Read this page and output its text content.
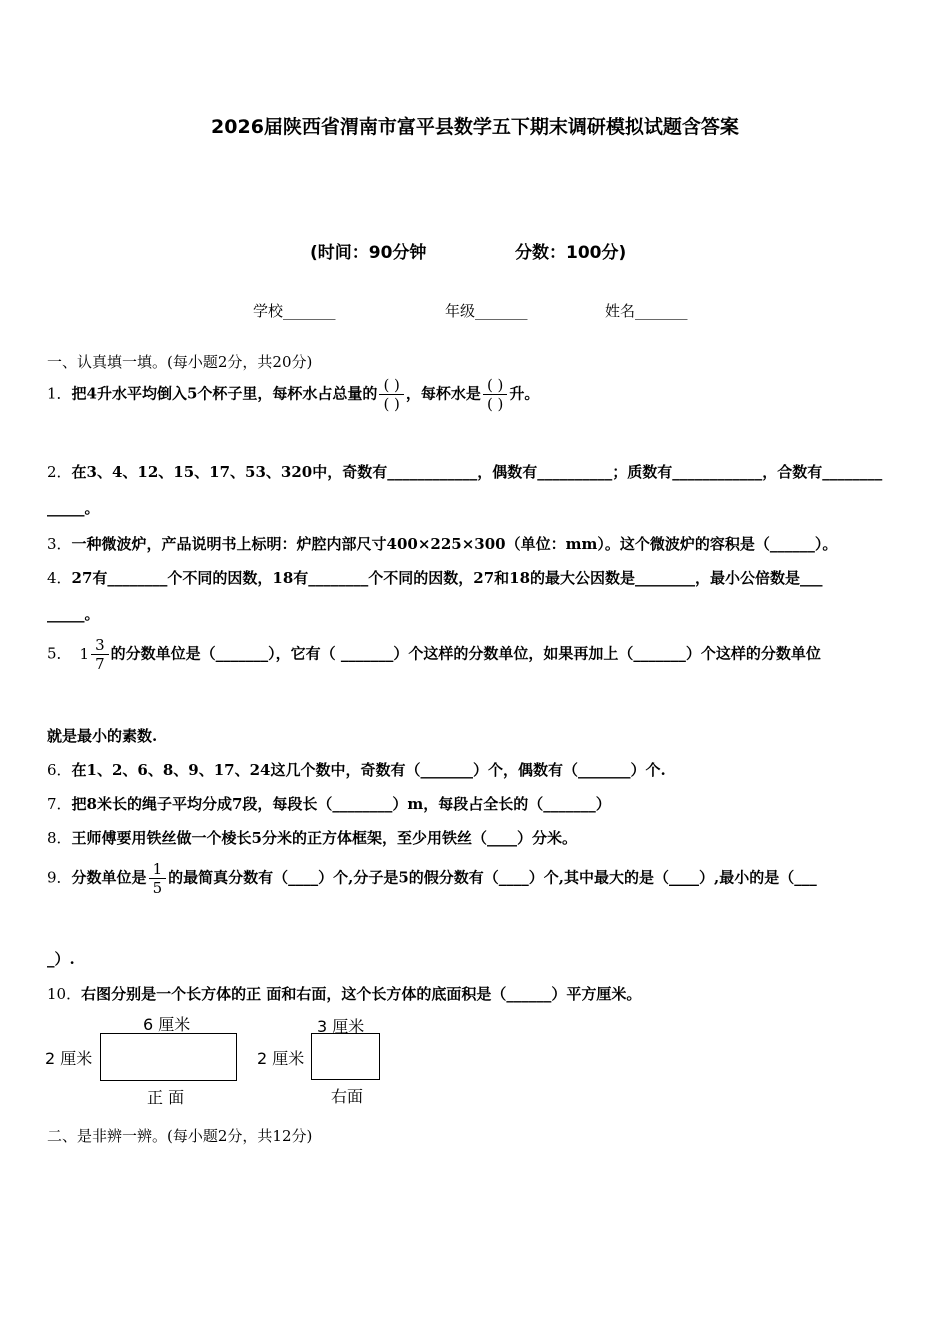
2026届陕西省渭南市富平县数学五下期末调研模拟试题含答案
(时间：90分钟	分数：100分)
学校_______	年级_______	姓名_______
一、认真填一填。(每小题2分，共20分)
1．把4升水平均倒入5个杯子里，每杯水占总量的 $\frac{( )}{( )}$ ，每杯水是 $\frac{( )}{( )}$ 升。
2．在3、4、12、15、17、53、320中，奇数有____________，偶数有__________；质数有____________，合数有________
_____。
3．一种微波炉，产品说明书上标明：炉腔内部尺寸400×225×300（单位：mm）。这个微波炉的容积是（______）。
4．27有________个不同的因数，18有________个不同的因数，27和18的最大公因数是________，最小公倍数是___
_____。
5． $1 \frac{3}{7}$ 的分数单位是（_______），它有（ _______）个这样的分数单位，如果再加上（_______）个这样的分数单位
就是最小的素数.
6．在1、2、6、8、9、17、24这几个数中，奇数有（_______）个，偶数有（_______）个.
7．把8米长的绳子平均分成7段，每段长（________）m，每段占全长的（_______）
8．王师傅要用铁丝做一个棱长5分米的正方体框架，至少用铁丝（____）分米。
9．分数单位是 $\frac{1}{5}$ 的最简真分数有（____）个,分子是5的假分数有（____）个,其中最大的是（____）,最小的是（___
_）.
10．右图分别是一个长方体的正 面和右面，这个长方体的底面积是（______）平方厘米。
6 厘米
2 厘米
正 面
3 厘米
2 厘米
右面
二、是非辨一辨。(每小题2分，共12分)
